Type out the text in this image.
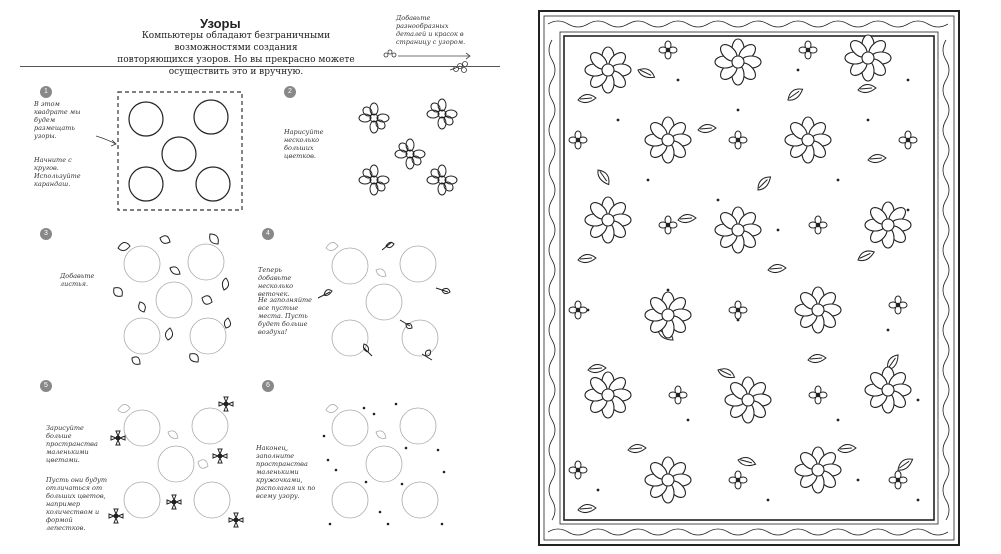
Узоры
Компьютеры обладают безграничными возможностями создания
повторяющихся узоров. Но вы прекрасно можете осуществить это и вручную.
Добавьте разнообразных деталей и красок в страницу с узором.
1
В этом квадрате мы будем размещать узоры.
Начните с кругов. Используйте карандаш.
2
Нарисуйте несколько больших цветков.
3
Добавьте листья.
4
Теперь добавьте несколько веточек.
Не заполняйте все пустые места. Пусть будет больше воздуха!
5
Зарисуйте больше пространства маленькими цветами.
Пусть они будут отличаться от больших цветов, например количеством и формой лепестков.
6
Наконец, заполните пространства маленькими кружочками, располагая их по всему узору.
